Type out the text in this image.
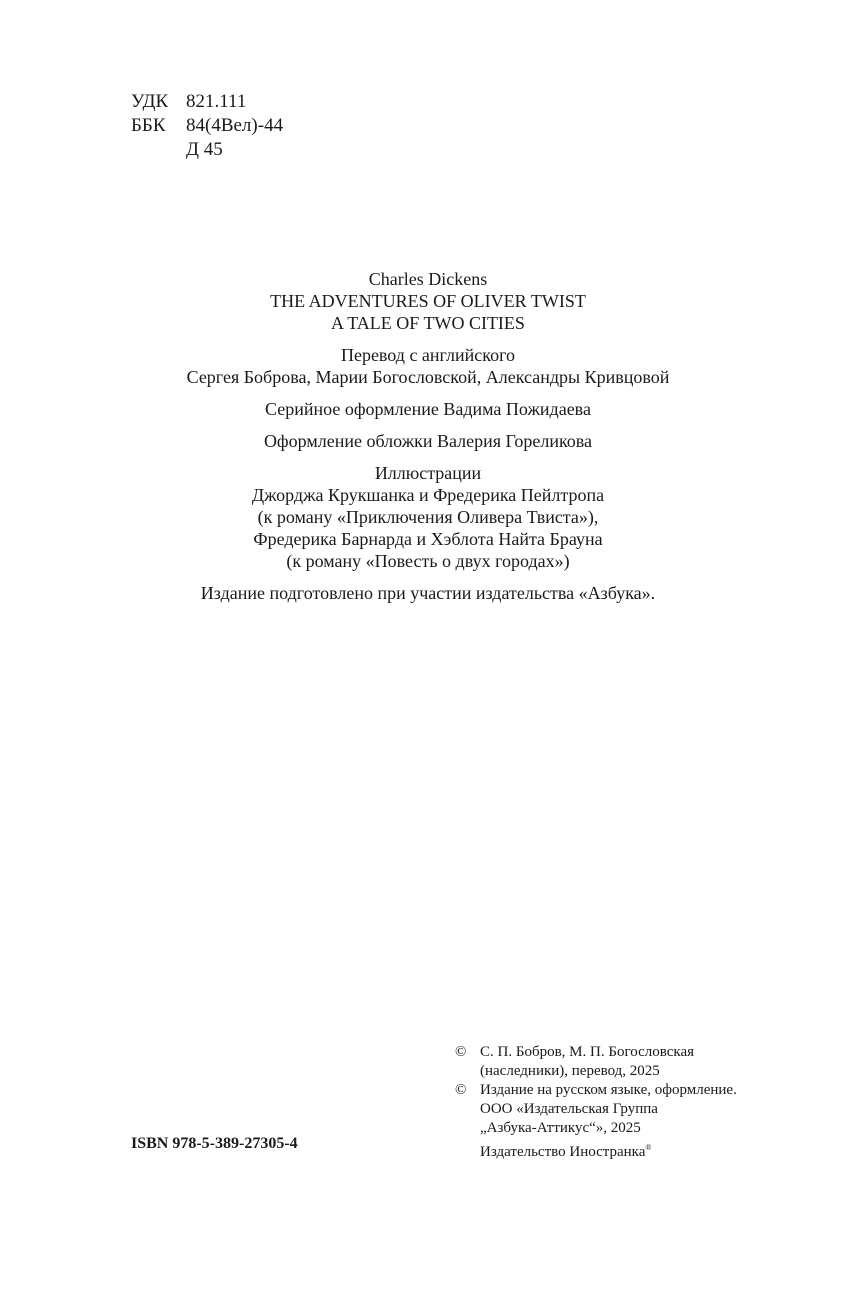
УДК 821.111
ББК	84(4Вел)-44
Д 45

Charles Dickens

THE ADVENTURES OF OLIVER TWIST

A TALE OF TWO CITIES

Перевод с английского

Сергея Боброва, Марии Богословской, Александры Кривцовой

Серийное оформление Вадима Пожидаева

Оформление обложки Валерия Гореликова

Иллюстрации

Джорджа Крукшанка и Фредерика Пейлтропа

(к роману «Приключения Оливера Твиста»),

Фредерика Барнарда и Хэблота Найта Брауна

(к роману «Повесть о двух городах»)

Издание подготовлено при участии издательства «Азбука».

© С. П. Бобров, М. П. Богословская
(наследники), перевод, 2025
© Издание на русском языке, оформление.
ООО «Издательская Группа
„Азбука-Аттикус“», 2025
Издательство Иностранка®
ISBN 978-5-389-27305-4
